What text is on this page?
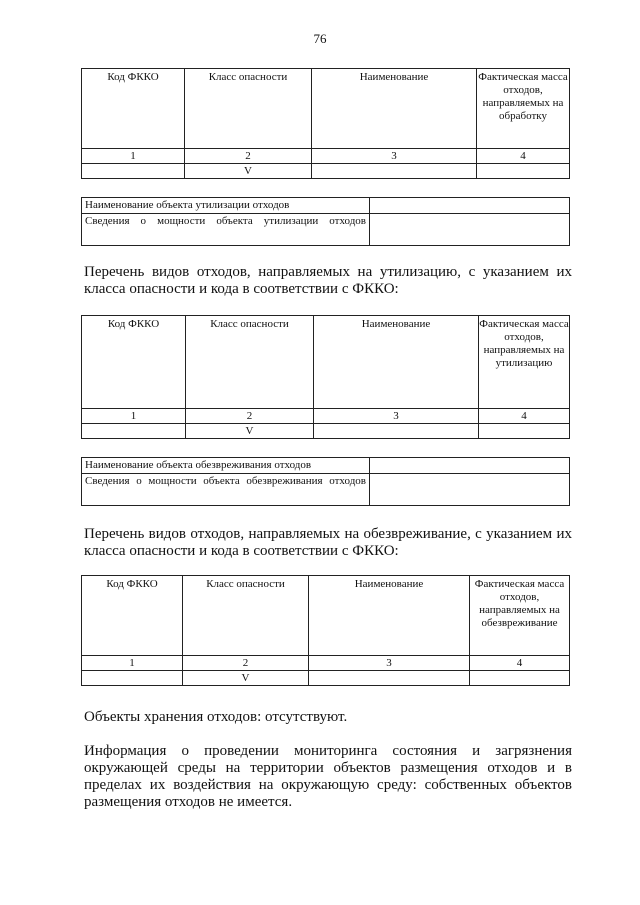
76
Код ФККО	Класс опасности	Наименование	Фактическая масса отходов, направляемых на обработку
1	2	3	4
	V		
Наименование объекта утилизации отходов	
Сведения о мощности объекта утилизации отходов	

Перечень видов отходов, направляемых на утилизацию, с указанием их класса опасности и кода в соответствии с ФККО:

Код ФККО	Класс опасности	Наименование	Фактическая масса отходов, направляемых на утилизацию
1	2	3	4
	V		
Наименование объекта обезвреживания отходов	
Сведения о мощности объекта обезвреживания отходов	

Перечень видов отходов, направляемых на обезвреживание, с указанием их класса опасности и кода в соответствии с ФККО:

Код ФККО	Класс опасности	Наименование	Фактическая масса отходов, направляемых на обезвреживание
1	2	3	4
	V		

Объекты хранения отходов: отсутствуют.

Информация о проведении мониторинга состояния и загрязнения окружающей среды на территории объектов размещения отходов и в пределах их воздействия на окружающую среду: собственных объектов размещения отходов не имеется.
